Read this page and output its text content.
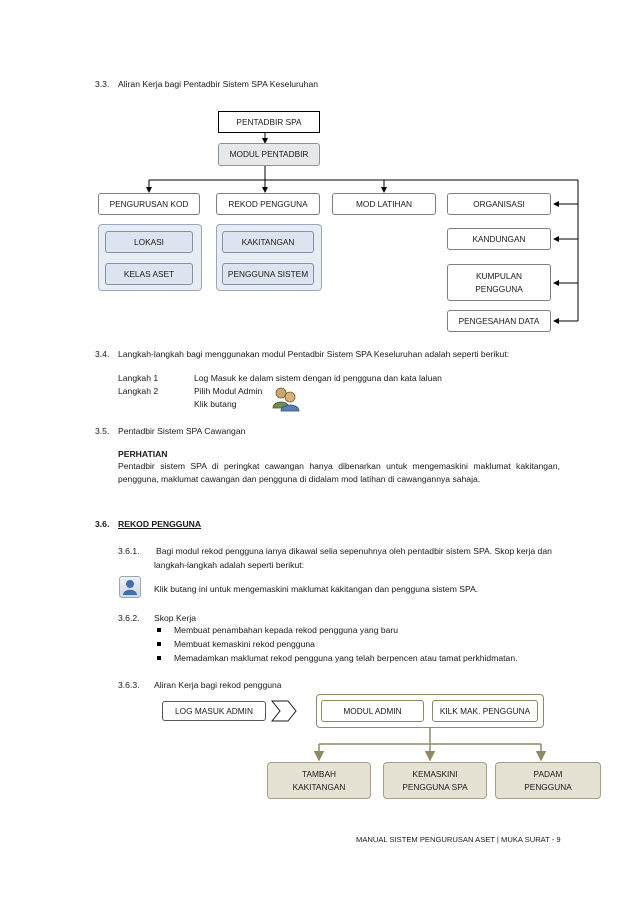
3.3. Aliran Kerja bagi Pentadbir Sistem SPA Keseluruhan
PENTADBIR SPA
MODUL PENTADBIR
PENGURUSAN KOD	REKOD PENGGUNA	MOD LATIHAN	ORGANISASI
LOKASI
KELAS ASET
KAKITANGAN
PENGGUNA SISTEM
KANDUNGAN
KUMPULAN
PENGGUNA
PENGESAHAN DATA
3.4. Langkah-langkah bagi menggunakan modul Pentadbir Sistem SPA Keseluruhan adalah seperti berikut:
Langkah 1	Log Masuk ke dalam sistem dengan id pengguna dan kata laluan
Langkah 2	Pilih Modul Admin
Klik butang
3.5. Pentadbir Sistem SPA Cawangan
PERHATIAN
Pentadbir sistem SPA di peringkat cawangan hanya dibenarkan untuk mengemaskini maklumat kakitangan,
pengguna, maklumat cawangan dan pengguna di didalam mod latihan di cawangannya sahaja.
3.6. REKOD PENGGUNA
3.6.1. Bagi modul rekod pengguna ianya dikawal selia sepenuhnya oleh pentadbir sistem SPA. Skop kerja dan
langkah-langkah adalah seperti berikut:
Klik butang ini untuk mengemaskini maklumat kakitangan dan pengguna sistem SPA.
3.6.2. Skop Kerja
Membuat penambahan kepada rekod pengguna yang baru
Membuat kemaskini rekod pengguna
Memadamkan maklumat rekod pengguna yang telah berpencen atau tamat perkhidmatan.
3.6.3. Aliran Kerja bagi rekod pengguna
LOG MASUK ADMIN	MODUL ADMIN	KILK MAK. PENGGUNA
TAMBAH
KAKITANGAN
KEMASKINI
PENGGUNA SPA
PADAM
PENGGUNA
MANUAL SISTEM PENGURUSAN ASET | MUKA SURAT - 9
